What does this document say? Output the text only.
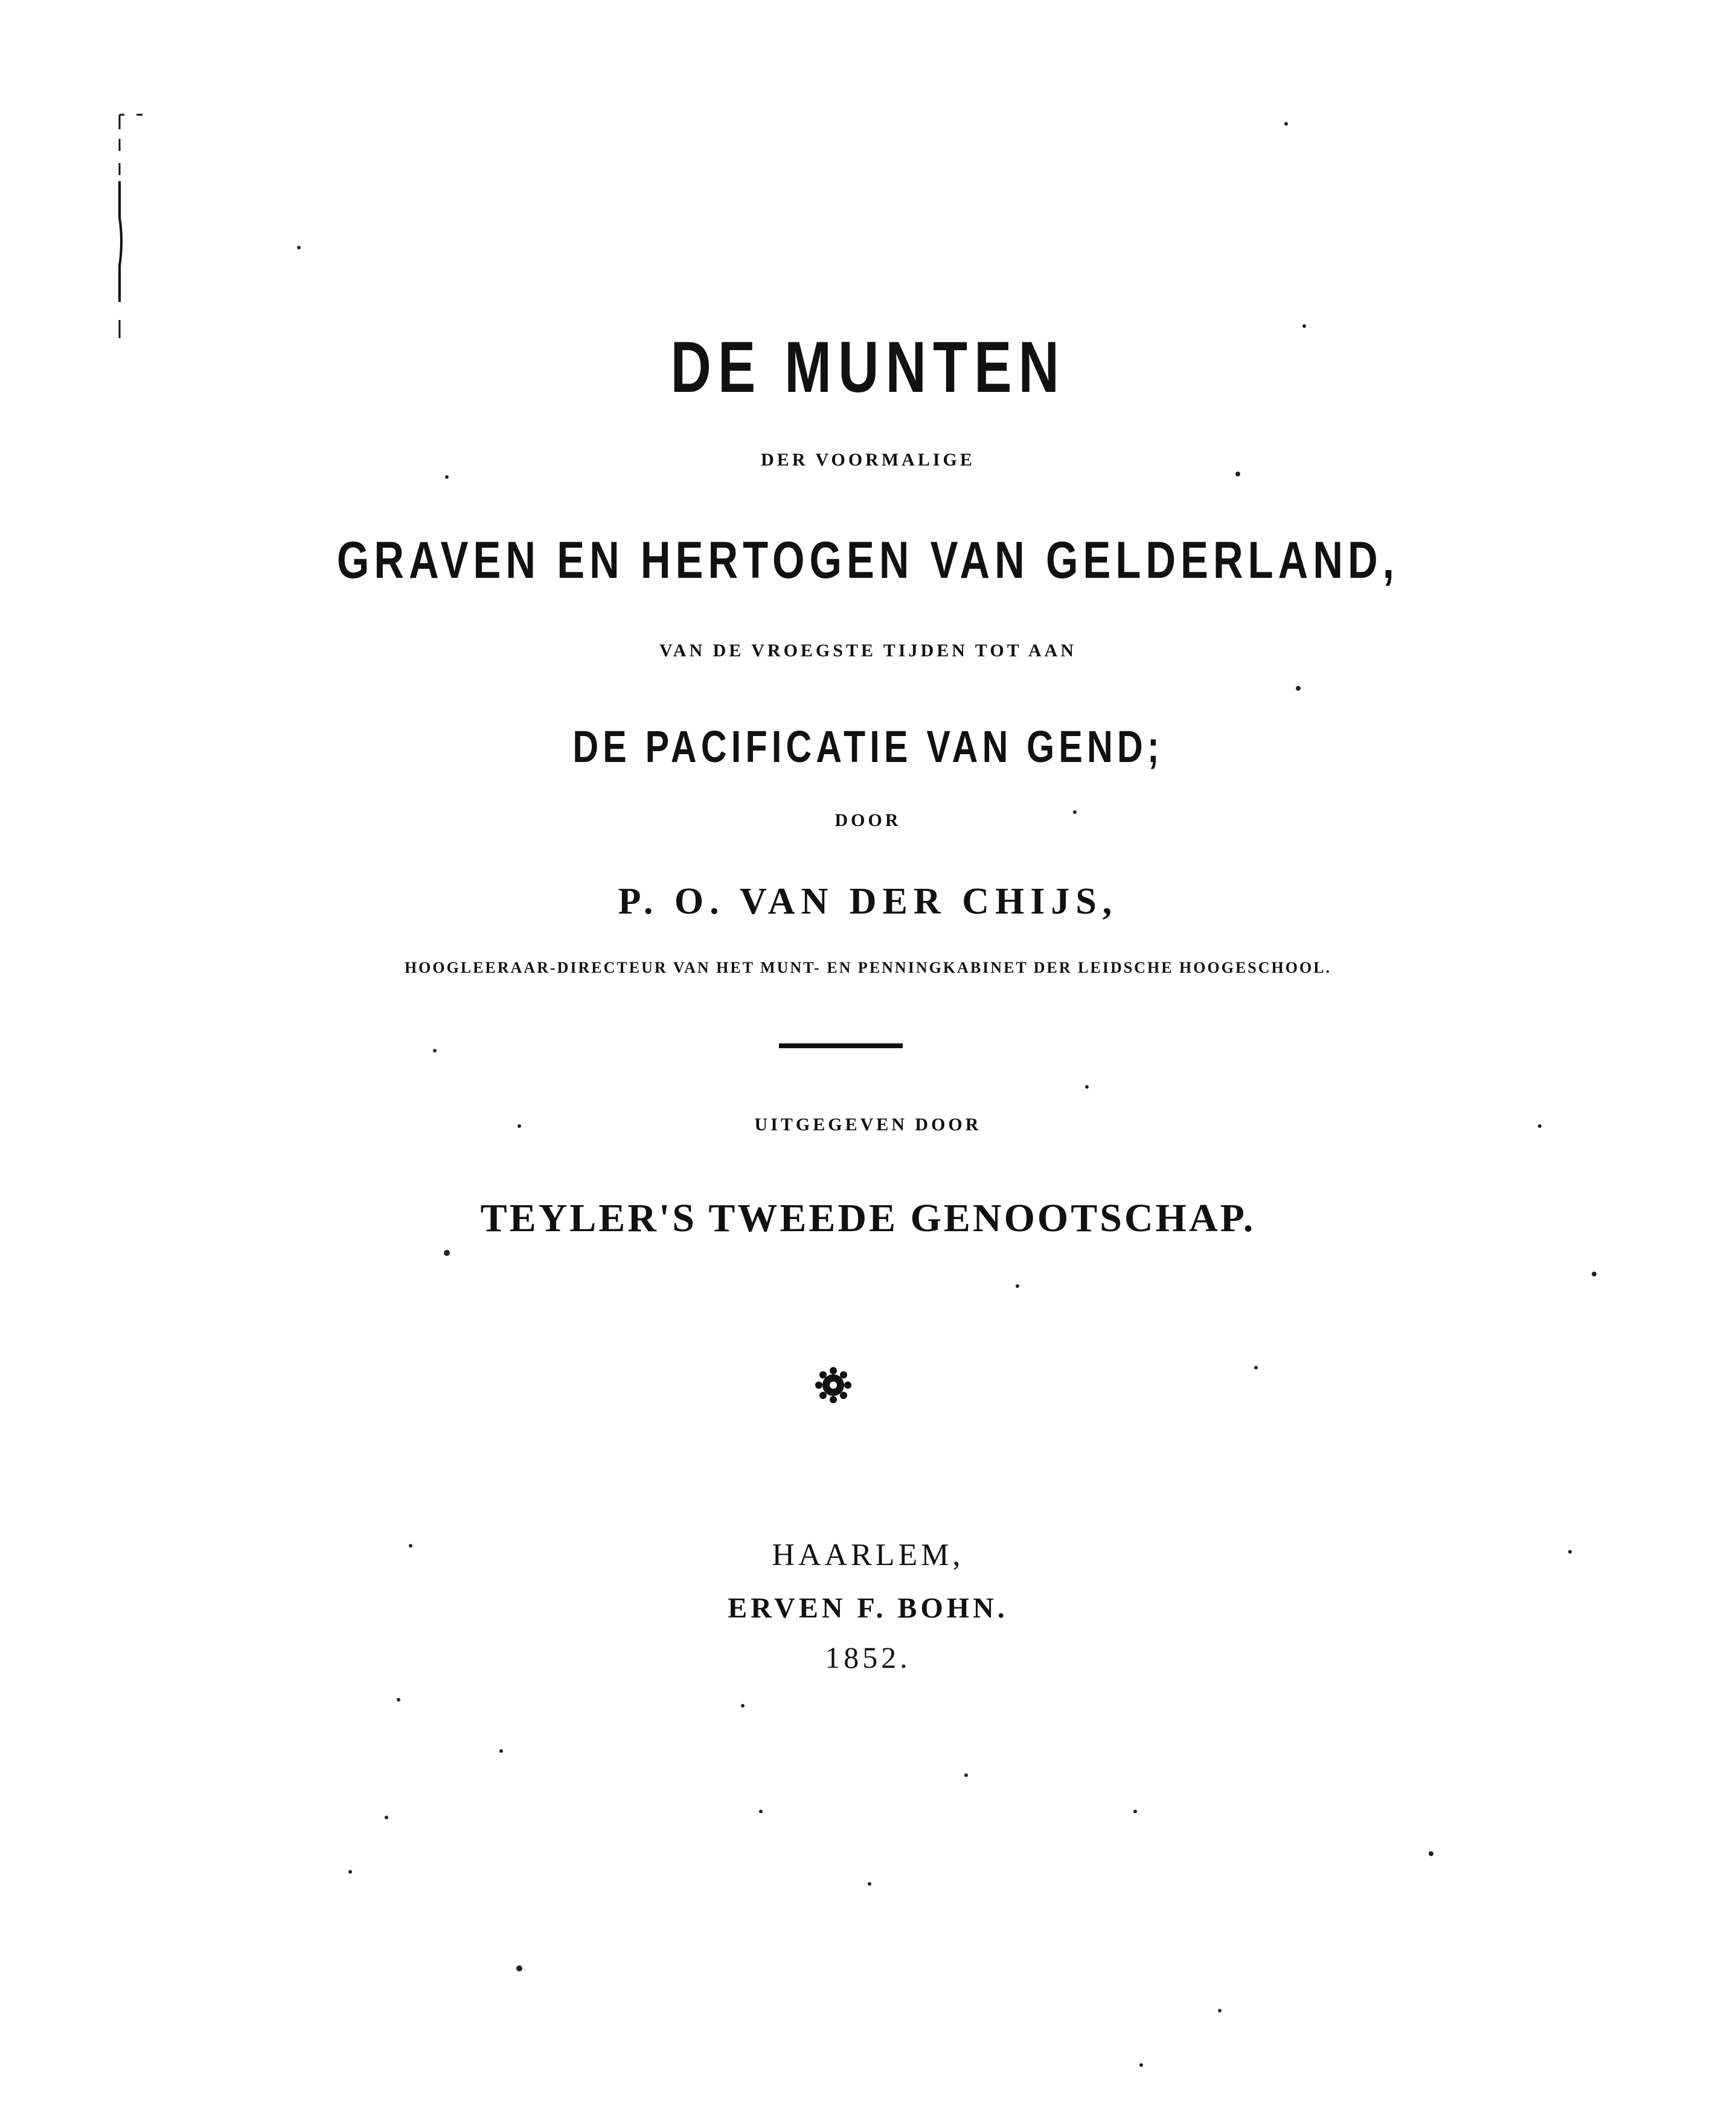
DE MUNTEN
DER VOORMALIGE
GRAVEN EN HERTOGEN VAN GELDERLAND,
VAN DE VROEGSTE TIJDEN TOT AAN
DE PACIFICATIE VAN GEND;
DOOR
P. O. VAN DER CHIJS,
HOOGLEERAAR-DIRECTEUR VAN HET MUNT- EN PENNINGKABINET DER LEIDSCHE HOOGESCHOOL.
UITGEGEVEN DOOR
TEYLER'S TWEEDE GENOOTSCHAP.
HAARLEM,
ERVEN F. BOHN.
1852.
